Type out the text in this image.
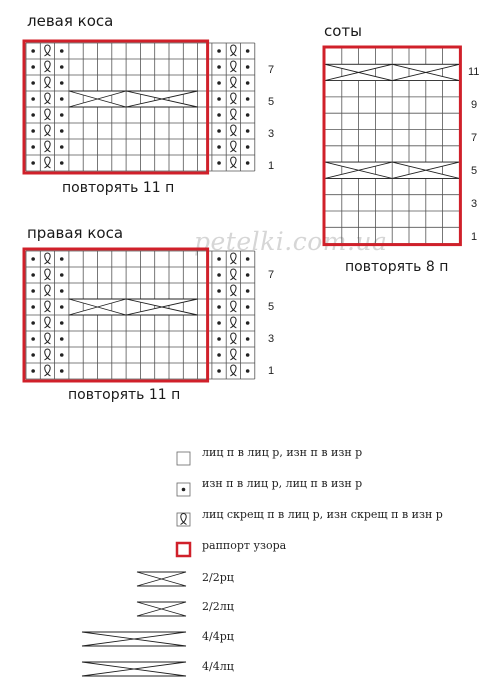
левая коса
соты
правая коса
повторять 11 п
повторять 8 п
повторять 11 п
petelki.com.ua
7
5
3
1
7
5
3
1
11
9
7
5
3
1
лиц п в лиц р, изн п в изн р
изн п в лиц р, лиц п в изн р
лиц скрещ п в лиц р, изн скрещ п в изн р
раппорт узора
2/2рц
2/2лц
4/4рц
4/4лц
